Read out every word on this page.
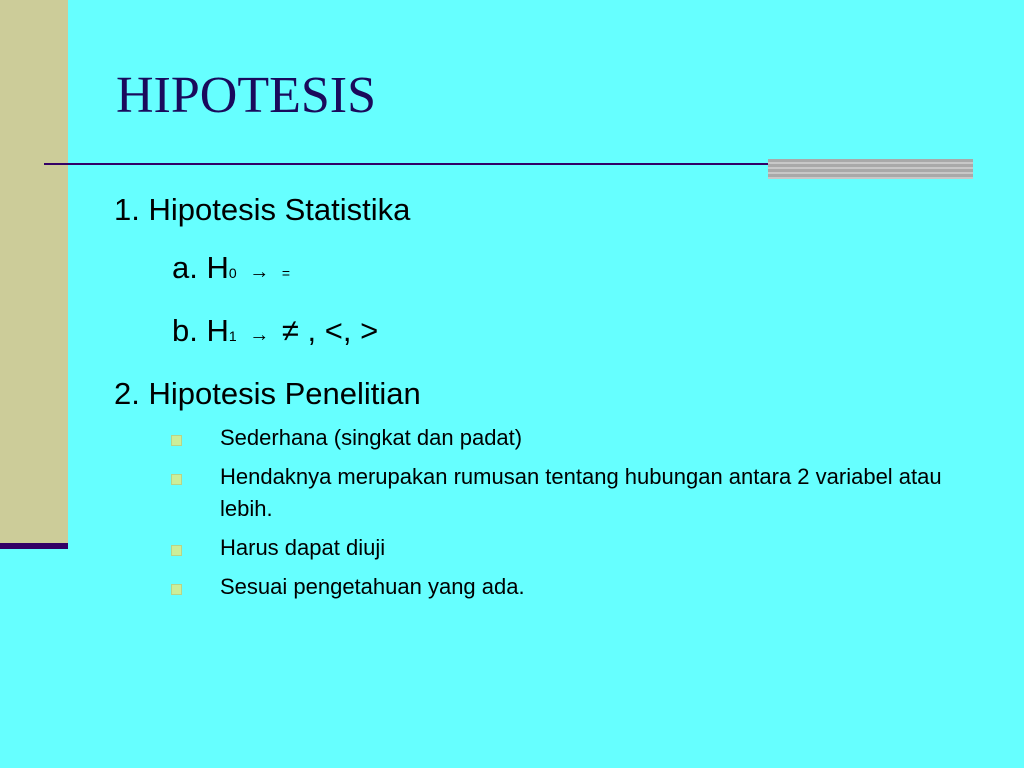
HIPOTESIS
1. Hipotesis Statistika
a. H0 → =
b. H1 → ≠ , <, >
2. Hipotesis Penelitian
Sederhana (singkat dan padat)
Hendaknya merupakan rumusan tentang hubungan antara 2 variabel atau lebih.
Harus dapat diuji
Sesuai pengetahuan yang ada.
